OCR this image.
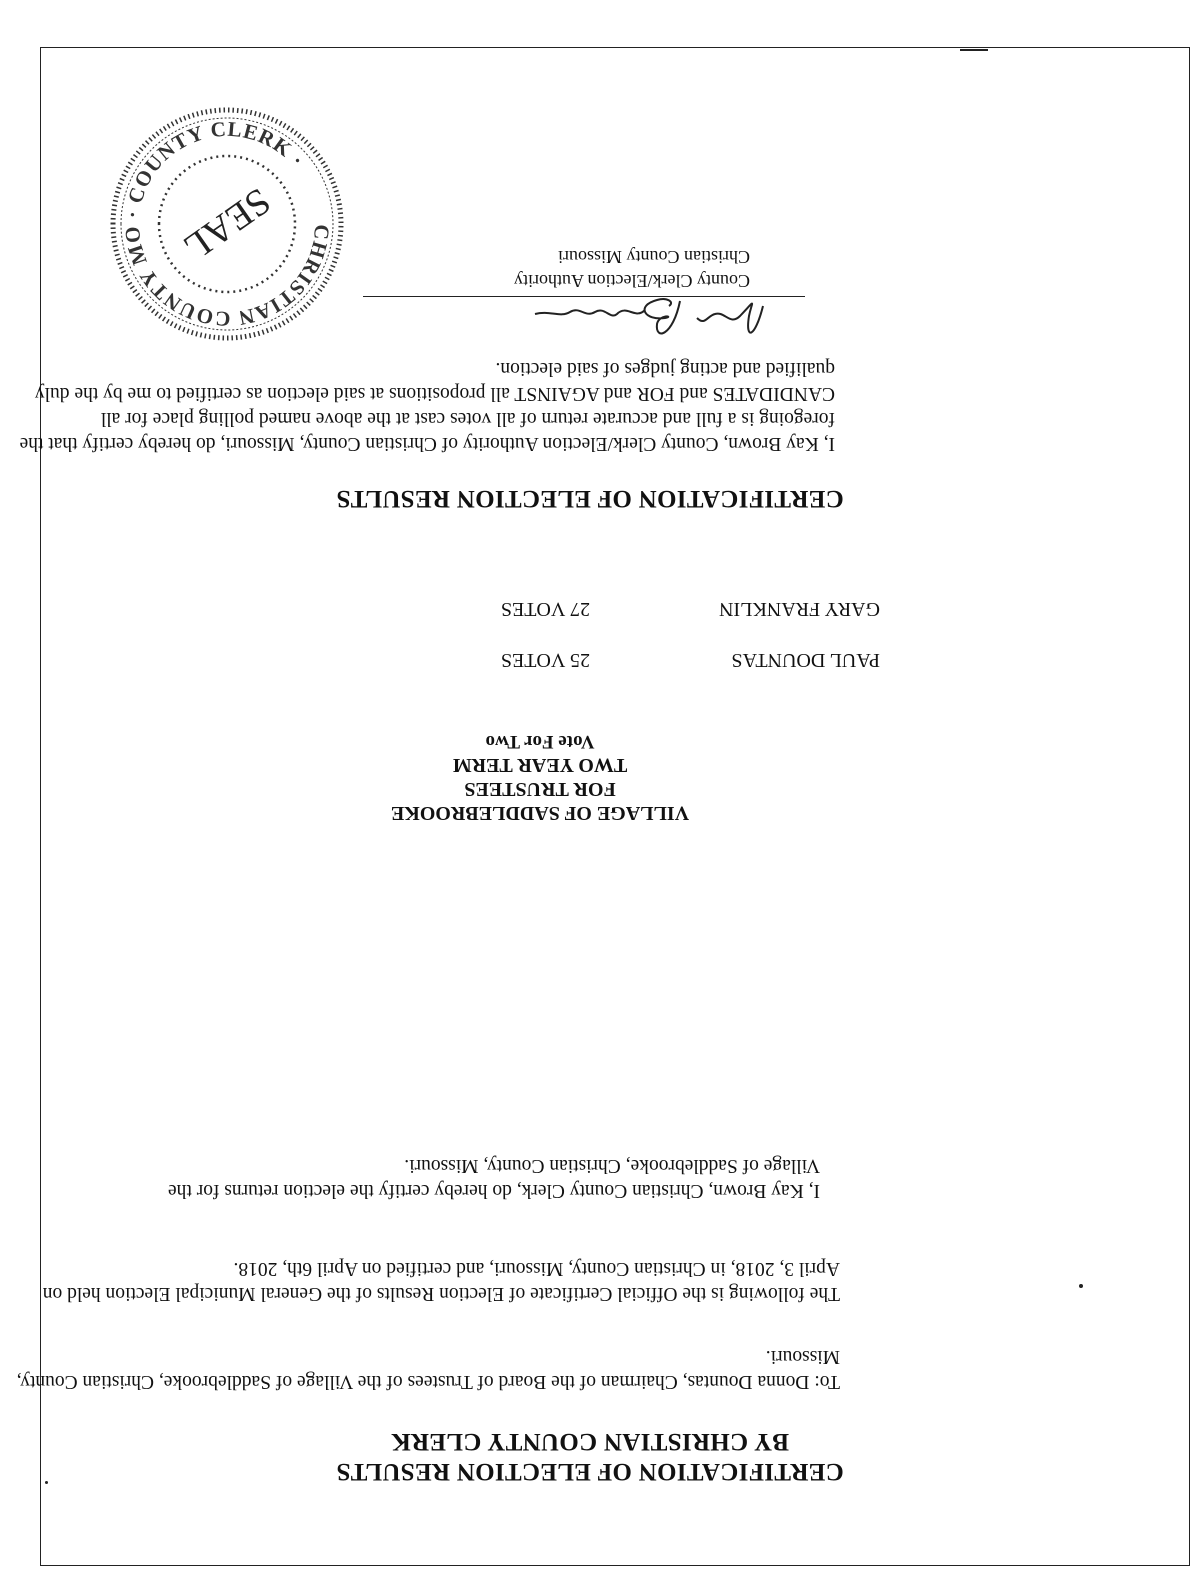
CERTIFICATION OF ELECTION RESULTS
BY CHRISTIAN COUNTY CLERK

To: Donna Dountas, Chairman of the Board of Trustees of the Village of Saddlebrooke, Christian County, Missouri.

The following is the Official Certificate of Election Results of the General Municipal Election held on April 3, 2018, in Christian County, Missouri, and certified on April 6th, 2018.

I, Kay Brown, Christian County Clerk, do hereby certify the election returns for the Village of Saddlebrooke, Christian County, Missouri.

VILLAGE OF SADDLEBROOKE
FOR TRUSTEES
TWO YEAR TERM
Vote For Two
PAUL DOUNTAS
25 VOTES
GARY FRANKLIN
27 VOTES
CERTIFICATION OF ELECTION RESULTS

I, Kay Brown, County Clerk/Election Authority of Christian County, Missouri, do hereby certify that the foregoing is a full and accurate return of all votes cast at the above named polling place for all CANDIDATES and FOR and AGAINST all propositions at said election as certified to me by the duly qualified and acting judges of said election.

County Clerk/Election Authority
Christian County Missouri
CHRISTIAN COUNTY MO · COUNTY CLERK ·
SEAL
